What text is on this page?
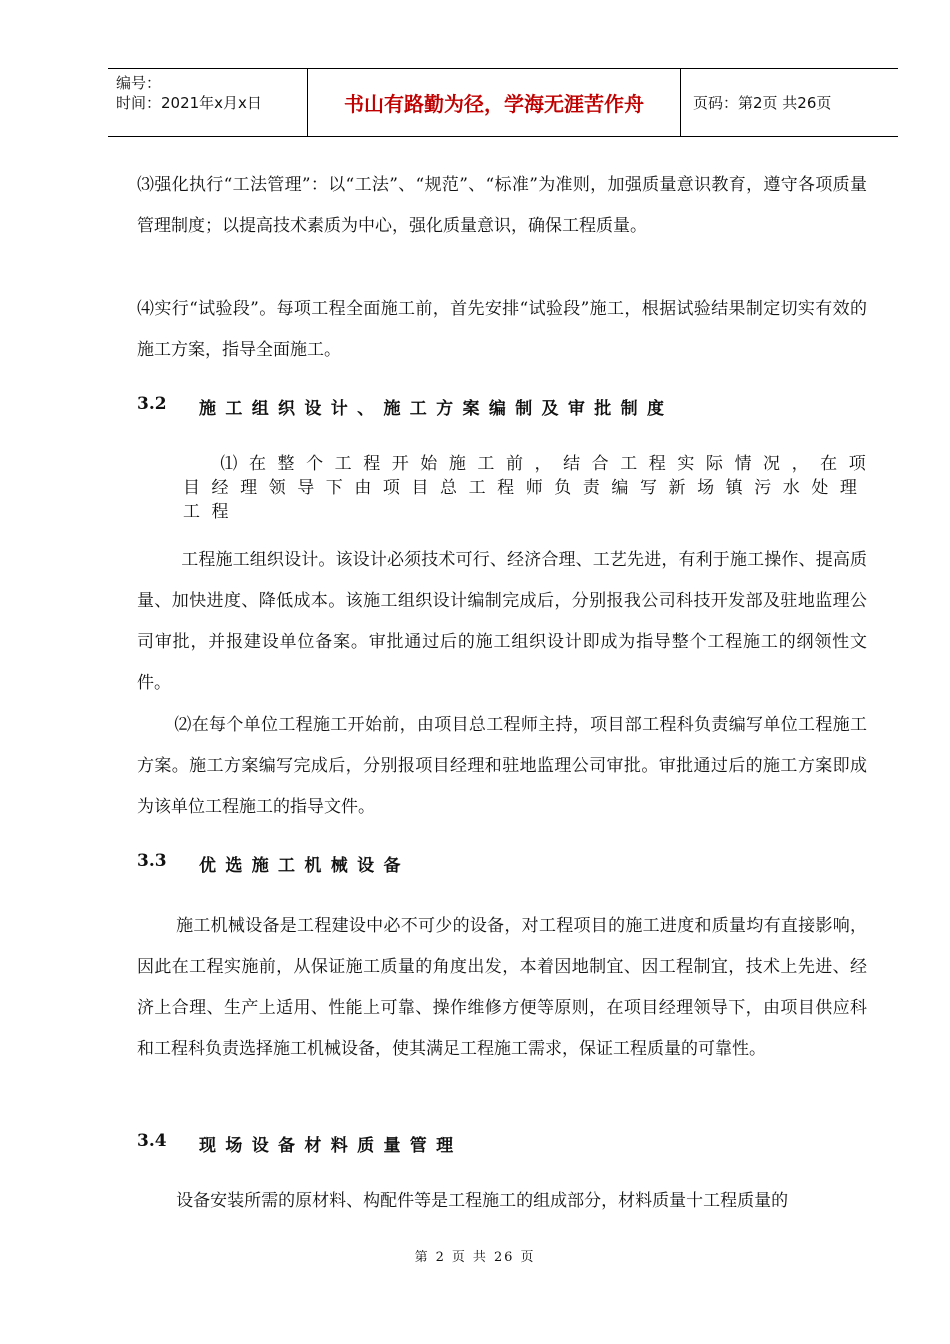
编号：
时间：2021年x月x日	书山有路勤为径，学海无涯苦作舟	页码：第2页 共26页

⑶强化执行“工法管理”：以“工法”、“规范”、“标准”为准则，加强质量意识教育，遵守各项质量管理制度；以提高技术素质为中心，强化质量意识，确保工程质量。

⑷实行“试验段”。每项工程全面施工前，首先安排“试验段”施工，根据试验结果制定切实有效的施工方案，指导全面施工。

3.2	施工组织设计、施工方案编制及审批制度

⑴在整个工程开始施工前，结合工程实际情况，在项目经理领导下由项目总工程师负责编写新场镇污水处理工程

工程施工组织设计。该设计必须技术可行、经济合理、工艺先进，有利于施工操作、提高质量、加快进度、降低成本。该施工组织设计编制完成后，分别报我公司科技开发部及驻地监理公司审批，并报建设单位备案。审批通过后的施工组织设计即成为指导整个工程施工的纲领性文件。

⑵在每个单位工程施工开始前，由项目总工程师主持，项目部工程科负责编写单位工程施工方案。施工方案编写完成后，分别报项目经理和驻地监理公司审批。审批通过后的施工方案即成为该单位工程施工的指导文件。

3.3	优选施工机械设备

施工机械设备是工程建设中必不可少的设备，对工程项目的施工进度和质量均有直接影响，因此在工程实施前，从保证施工质量的角度出发，本着因地制宜、因工程制宜，技术上先进、经济上合理、生产上适用、性能上可靠、操作维修方便等原则，在项目经理领导下，由项目供应科和工程科负责选择施工机械设备，使其满足工程施工需求，保证工程质量的可靠性。

3.4	现场设备材料质量管理

设备安装所需的原材料、构配件等是工程施工的组成部分，材料质量十工程质量的

第 2 页 共 26 页
